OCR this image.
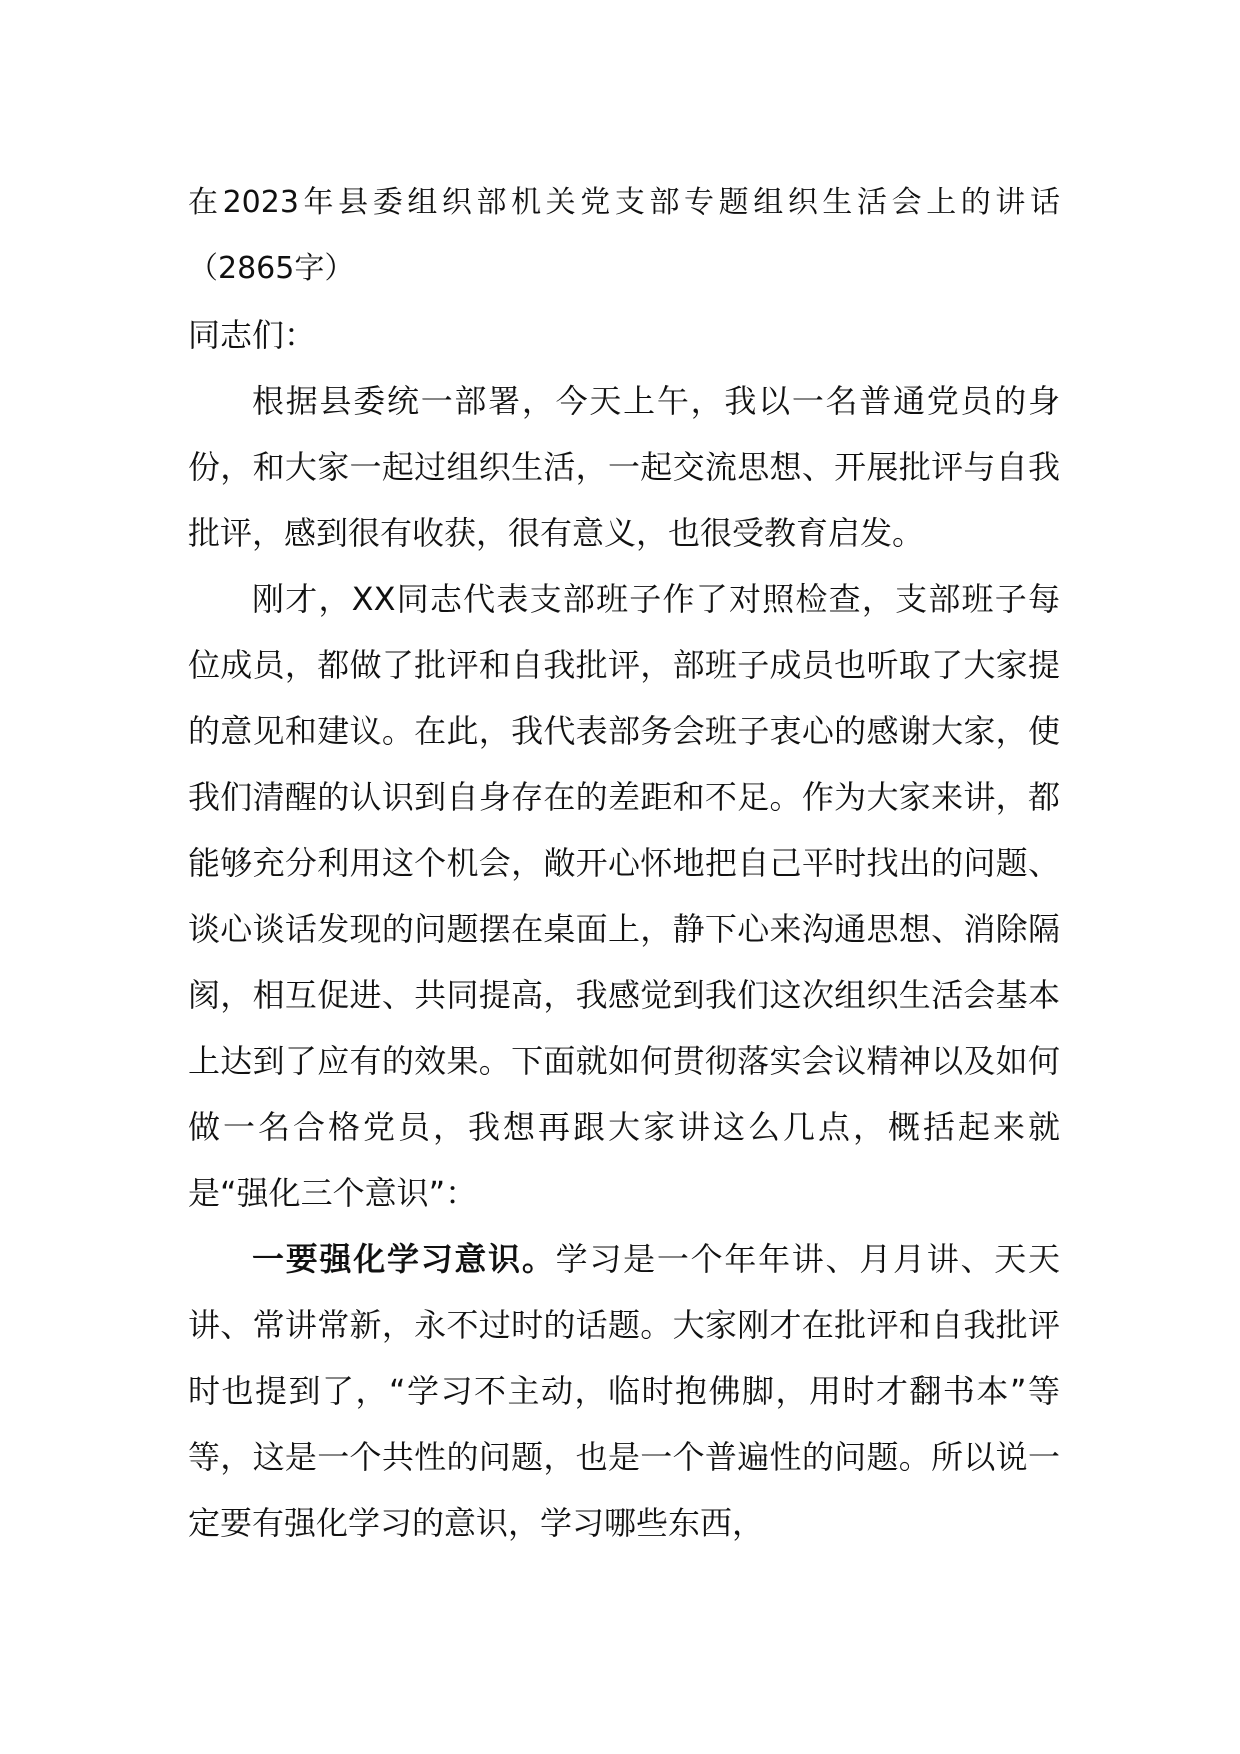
在2023年县委组织部机关党支部专题组织生活会上的讲话（2865字）

同志们：

根据县委统一部署，今天上午，我以一名普通党员的身份，和大家一起过组织生活，一起交流思想、开展批评与自我批评，感到很有收获，很有意义，也很受教育启发。

刚才，XX同志代表支部班子作了对照检查，支部班子每位成员，都做了批评和自我批评，部班子成员也听取了大家提的意见和建议。在此，我代表部务会班子衷心的感谢大家，使我们清醒的认识到自身存在的差距和不足。作为大家来讲，都能够充分利用这个机会，敞开心怀地把自己平时找出的问题、谈心谈话发现的问题摆在桌面上，静下心来沟通思想、消除隔阂，相互促进、共同提高，我感觉到我们这次组织生活会基本上达到了应有的效果。下面就如何贯彻落实会议精神以及如何做一名合格党员，我想再跟大家讲这么几点，概括起来就是“强化三个意识”：

一要强化学习意识。学习是一个年年讲、月月讲、天天讲、常讲常新，永不过时的话题。大家刚才在批评和自我批评时也提到了，“学习不主动，临时抱佛脚，用时才翻书本”等等，这是一个共性的问题，也是一个普遍性的问题。所以说一定要有强化学习的意识，学习哪些东西，
